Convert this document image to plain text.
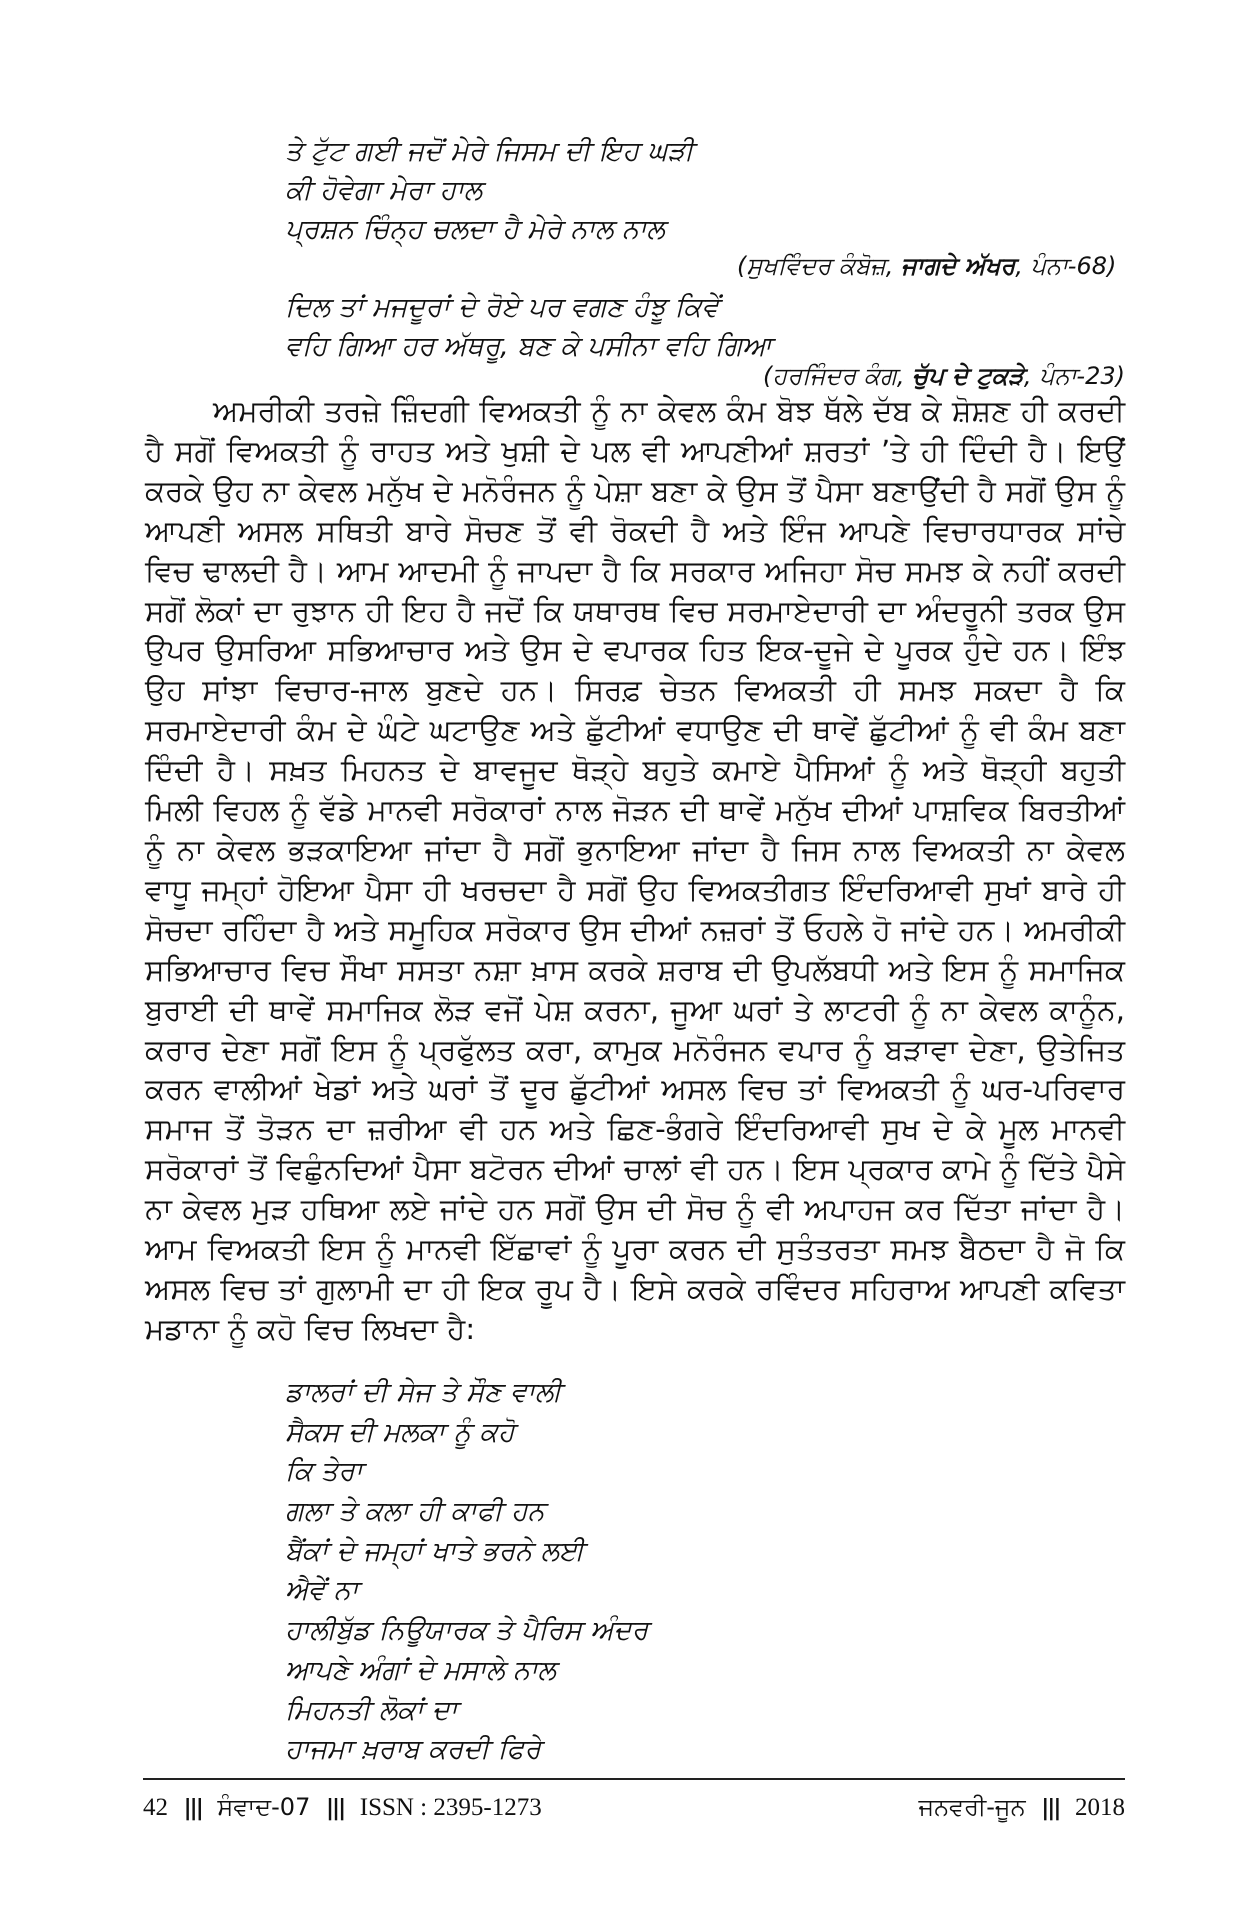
ਤੇ ਟੁੱਟ ਗਈ ਜਦੋਂ ਮੇਰੇ ਜਿਸਮ ਦੀ ਇਹ ਘੜੀ
ਕੀ ਹੋਵੇਗਾ ਮੇਰਾ ਹਾਲ
ਪ੍ਰਸ਼ਨ ਚਿੰਨ੍ਹ ਚਲਦਾ ਹੈ ਮੇਰੇ ਨਾਲ ਨਾਲ
(ਸੁਖਵਿੰਦਰ ਕੰਬੋਜ਼, ਜਾਗਦੇ ਅੱਖਰ, ਪੰਨਾ-68)
ਦਿਲ ਤਾਂ ਮਜਦੂਰਾਂ ਦੇ ਰੋਏ ਪਰ ਵਗਣ ਹੰਝੂ ਕਿਵੇਂ
ਵਹਿ ਗਿਆ ਹਰ ਅੱਥਰੂ, ਬਣ ਕੇ ਪਸੀਨਾ ਵਹਿ ਗਿਆ
(ਹਰਜਿੰਦਰ ਕੰਗ, ਚੁੱਪ ਦੇ ਟੁਕੜੇ, ਪੰਨਾ-23)

ਅਮਰੀਕੀ ਤਰਜ਼ੇ ਜ਼ਿੰਦਗੀ ਵਿਅਕਤੀ ਨੂੰ ਨਾ ਕੇਵਲ ਕੰਮ ਬੋਝ ਥੱਲੇ ਦੱਬ ਕੇ ਸ਼ੋਸ਼ਣ ਹੀ ਕਰਦੀ ਹੈ ਸਗੋਂ ਵਿਅਕਤੀ ਨੂੰ ਰਾਹਤ ਅਤੇ ਖੁਸ਼ੀ ਦੇ ਪਲ ਵੀ ਆਪਣੀਆਂ ਸ਼ਰਤਾਂ ’ਤੇ ਹੀ ਦਿੰਦੀ ਹੈ। ਇਉਂ ਕਰਕੇ ਉਹ ਨਾ ਕੇਵਲ ਮਨੁੱਖ ਦੇ ਮਨੋਰੰਜਨ ਨੂੰ ਪੇਸ਼ਾ ਬਣਾ ਕੇ ਉਸ ਤੋਂ ਪੈਸਾ ਬਣਾਉਂਦੀ ਹੈ ਸਗੋਂ ਉਸ ਨੂੰ ਆਪਣੀ ਅਸਲ ਸਥਿਤੀ ਬਾਰੇ ਸੋਚਣ ਤੋਂ ਵੀ ਰੋਕਦੀ ਹੈ ਅਤੇ ਇੰਜ ਆਪਣੇ ਵਿਚਾਰਧਾਰਕ ਸਾਂਚੇ ਵਿਚ ਢਾਲਦੀ ਹੈ। ਆਮ ਆਦਮੀ ਨੂੰ ਜਾਪਦਾ ਹੈ ਕਿ ਸਰਕਾਰ ਅਜਿਹਾ ਸੋਚ ਸਮਝ ਕੇ ਨਹੀਂ ਕਰਦੀ ਸਗੋਂ ਲੋਕਾਂ ਦਾ ਰੁਝਾਨ ਹੀ ਇਹ ਹੈ ਜਦੋਂ ਕਿ ਯਥਾਰਥ ਵਿਚ ਸਰਮਾਏਦਾਰੀ ਦਾ ਅੰਦਰੂਨੀ ਤਰਕ ਉਸ ਉਪਰ ਉਸਰਿਆ ਸਭਿਆਚਾਰ ਅਤੇ ਉਸ ਦੇ ਵਪਾਰਕ ਹਿਤ ਇਕ-ਦੂਜੇ ਦੇ ਪੂਰਕ ਹੁੰਦੇ ਹਨ। ਇੰਝ ਉਹ ਸਾਂਝਾ ਵਿਚਾਰ-ਜਾਲ ਬੁਣਦੇ ਹਨ। ਸਿਰਫ਼ ਚੇਤਨ ਵਿਅਕਤੀ ਹੀ ਸਮਝ ਸਕਦਾ ਹੈ ਕਿ ਸਰਮਾਏਦਾਰੀ ਕੰਮ ਦੇ ਘੰਟੇ ਘਟਾਉਣ ਅਤੇ ਛੁੱਟੀਆਂ ਵਧਾਉਣ ਦੀ ਥਾਵੇਂ ਛੁੱਟੀਆਂ ਨੂੰ ਵੀ ਕੰਮ ਬਣਾ ਦਿੰਦੀ ਹੈ। ਸਖ਼ਤ ਮਿਹਨਤ ਦੇ ਬਾਵਜੂਦ ਥੋੜ੍ਹੇ ਬਹੁਤੇ ਕਮਾਏ ਪੈਸਿਆਂ ਨੂੰ ਅਤੇ ਥੋੜ੍ਹੀ ਬਹੁਤੀ ਮਿਲੀ ਵਿਹਲ ਨੂੰ ਵੱਡੇ ਮਾਨਵੀ ਸਰੋਕਾਰਾਂ ਨਾਲ ਜੋੜਨ ਦੀ ਥਾਵੇਂ ਮਨੁੱਖ ਦੀਆਂ ਪਾਸ਼ਵਿਕ ਬਿਰਤੀਆਂ ਨੂੰ ਨਾ ਕੇਵਲ ਭੜਕਾਇਆ ਜਾਂਦਾ ਹੈ ਸਗੋਂ ਭੁਨਾਇਆ ਜਾਂਦਾ ਹੈ ਜਿਸ ਨਾਲ ਵਿਅਕਤੀ ਨਾ ਕੇਵਲ ਵਾਧੂ ਜਮ੍ਹਾਂ ਹੋਇਆ ਪੈਸਾ ਹੀ ਖਰਚਦਾ ਹੈ ਸਗੋਂ ਉਹ ਵਿਅਕਤੀਗਤ ਇੰਦਰਿਆਵੀ ਸੁਖਾਂ ਬਾਰੇ ਹੀ ਸੋਚਦਾ ਰਹਿੰਦਾ ਹੈ ਅਤੇ ਸਮੂਹਿਕ ਸਰੋਕਾਰ ਉਸ ਦੀਆਂ ਨਜ਼ਰਾਂ ਤੋਂ ਓਹਲੇ ਹੋ ਜਾਂਦੇ ਹਨ। ਅਮਰੀਕੀ ਸਭਿਆਚਾਰ ਵਿਚ ਸੌਖਾ ਸਸਤਾ ਨਸ਼ਾ ਖ਼ਾਸ ਕਰਕੇ ਸ਼ਰਾਬ ਦੀ ਉਪਲੱਬਧੀ ਅਤੇ ਇਸ ਨੂੰ ਸਮਾਜਿਕ ਬੁਰਾਈ ਦੀ ਥਾਵੇਂ ਸਮਾਜਿਕ ਲੋੜ ਵਜੋਂ ਪੇਸ਼ ਕਰਨਾ, ਜੂਆ ਘਰਾਂ ਤੇ ਲਾਟਰੀ ਨੂੰ ਨਾ ਕੇਵਲ ਕਾਨੂੰਨ, ਕਰਾਰ ਦੇਣਾ ਸਗੋਂ ਇਸ ਨੂੰ ਪ੍ਰਫੁੱਲਤ ਕਰਾ, ਕਾਮੁਕ ਮਨੋਰੰਜਨ ਵਪਾਰ ਨੂੰ ਬੜਾਵਾ ਦੇਣਾ, ਉਤੇਜਿਤ ਕਰਨ ਵਾਲੀਆਂ ਖੇਡਾਂ ਅਤੇ ਘਰਾਂ ਤੋਂ ਦੂਰ ਛੁੱਟੀਆਂ ਅਸਲ ਵਿਚ ਤਾਂ ਵਿਅਕਤੀ ਨੂੰ ਘਰ-ਪਰਿਵਾਰ ਸਮਾਜ ਤੋਂ ਤੋੜਨ ਦਾ ਜ਼ਰੀਆ ਵੀ ਹਨ ਅਤੇ ਛਿਣ-ਭੰਗਰੇ ਇੰਦਰਿਆਵੀ ਸੁਖ ਦੇ ਕੇ ਮੂਲ ਮਾਨਵੀ ਸਰੋਕਾਰਾਂ ਤੋਂ ਵਿਛੁੰਨਦਿਆਂ ਪੈਸਾ ਬਟੋਰਨ ਦੀਆਂ ਚਾਲਾਂ ਵੀ ਹਨ। ਇਸ ਪ੍ਰਕਾਰ ਕਾਮੇ ਨੂੰ ਦਿੱਤੇ ਪੈਸੇ ਨਾ ਕੇਵਲ ਮੁੜ ਹਥਿਆ ਲਏ ਜਾਂਦੇ ਹਨ ਸਗੋਂ ਉਸ ਦੀ ਸੋਚ ਨੂੰ ਵੀ ਅਪਾਹਜ ਕਰ ਦਿੱਤਾ ਜਾਂਦਾ ਹੈ। ਆਮ ਵਿਅਕਤੀ ਇਸ ਨੂੰ ਮਾਨਵੀ ਇੱਛਾਵਾਂ ਨੂੰ ਪੂਰਾ ਕਰਨ ਦੀ ਸੁਤੰਤਰਤਾ ਸਮਝ ਬੈਠਦਾ ਹੈ ਜੋ ਕਿ ਅਸਲ ਵਿਚ ਤਾਂ ਗੁਲਾਮੀ ਦਾ ਹੀ ਇਕ ਰੂਪ ਹੈ। ਇਸੇ ਕਰਕੇ ਰਵਿੰਦਰ ਸਹਿਰਾਅ ਆਪਣੀ ਕਵਿਤਾ ਮਡਾਨਾ ਨੂੰ ਕਹੋ ਵਿਚ ਲਿਖਦਾ ਹੈ:

ਡਾਲਰਾਂ ਦੀ ਸੇਜ ਤੇ ਸੌਣ ਵਾਲੀ
ਸੈਕਸ ਦੀ ਮਲਕਾ ਨੂੰ ਕਹੋ
ਕਿ ਤੇਰਾ
ਗਲਾ ਤੇ ਕਲਾ ਹੀ ਕਾਫੀ ਹਨ
ਬੈਂਕਾਂ ਦੇ ਜਮ੍ਹਾਂ ਖਾਤੇ ਭਰਨੇ ਲਈ
ਐਵੇਂ ਨਾ
ਹਾਲੀਬੁੱਡ ਨਿਊਯਾਰਕ ਤੇ ਪੈਰਿਸ ਅੰਦਰ
ਆਪਣੇ ਅੰਗਾਂ ਦੇ ਮਸਾਲੇ ਨਾਲ
ਮਿਹਨਤੀ ਲੋਕਾਂ ਦਾ
ਹਾਜਮਾ ਖ਼ਰਾਬ ਕਰਦੀ ਫਿਰੇ
42 ||| ਸੰਵਾਦ-07 ||| ISSN : 2395-1273	ਜਨਵਰੀ-ਜੂਨ ||| 2018
